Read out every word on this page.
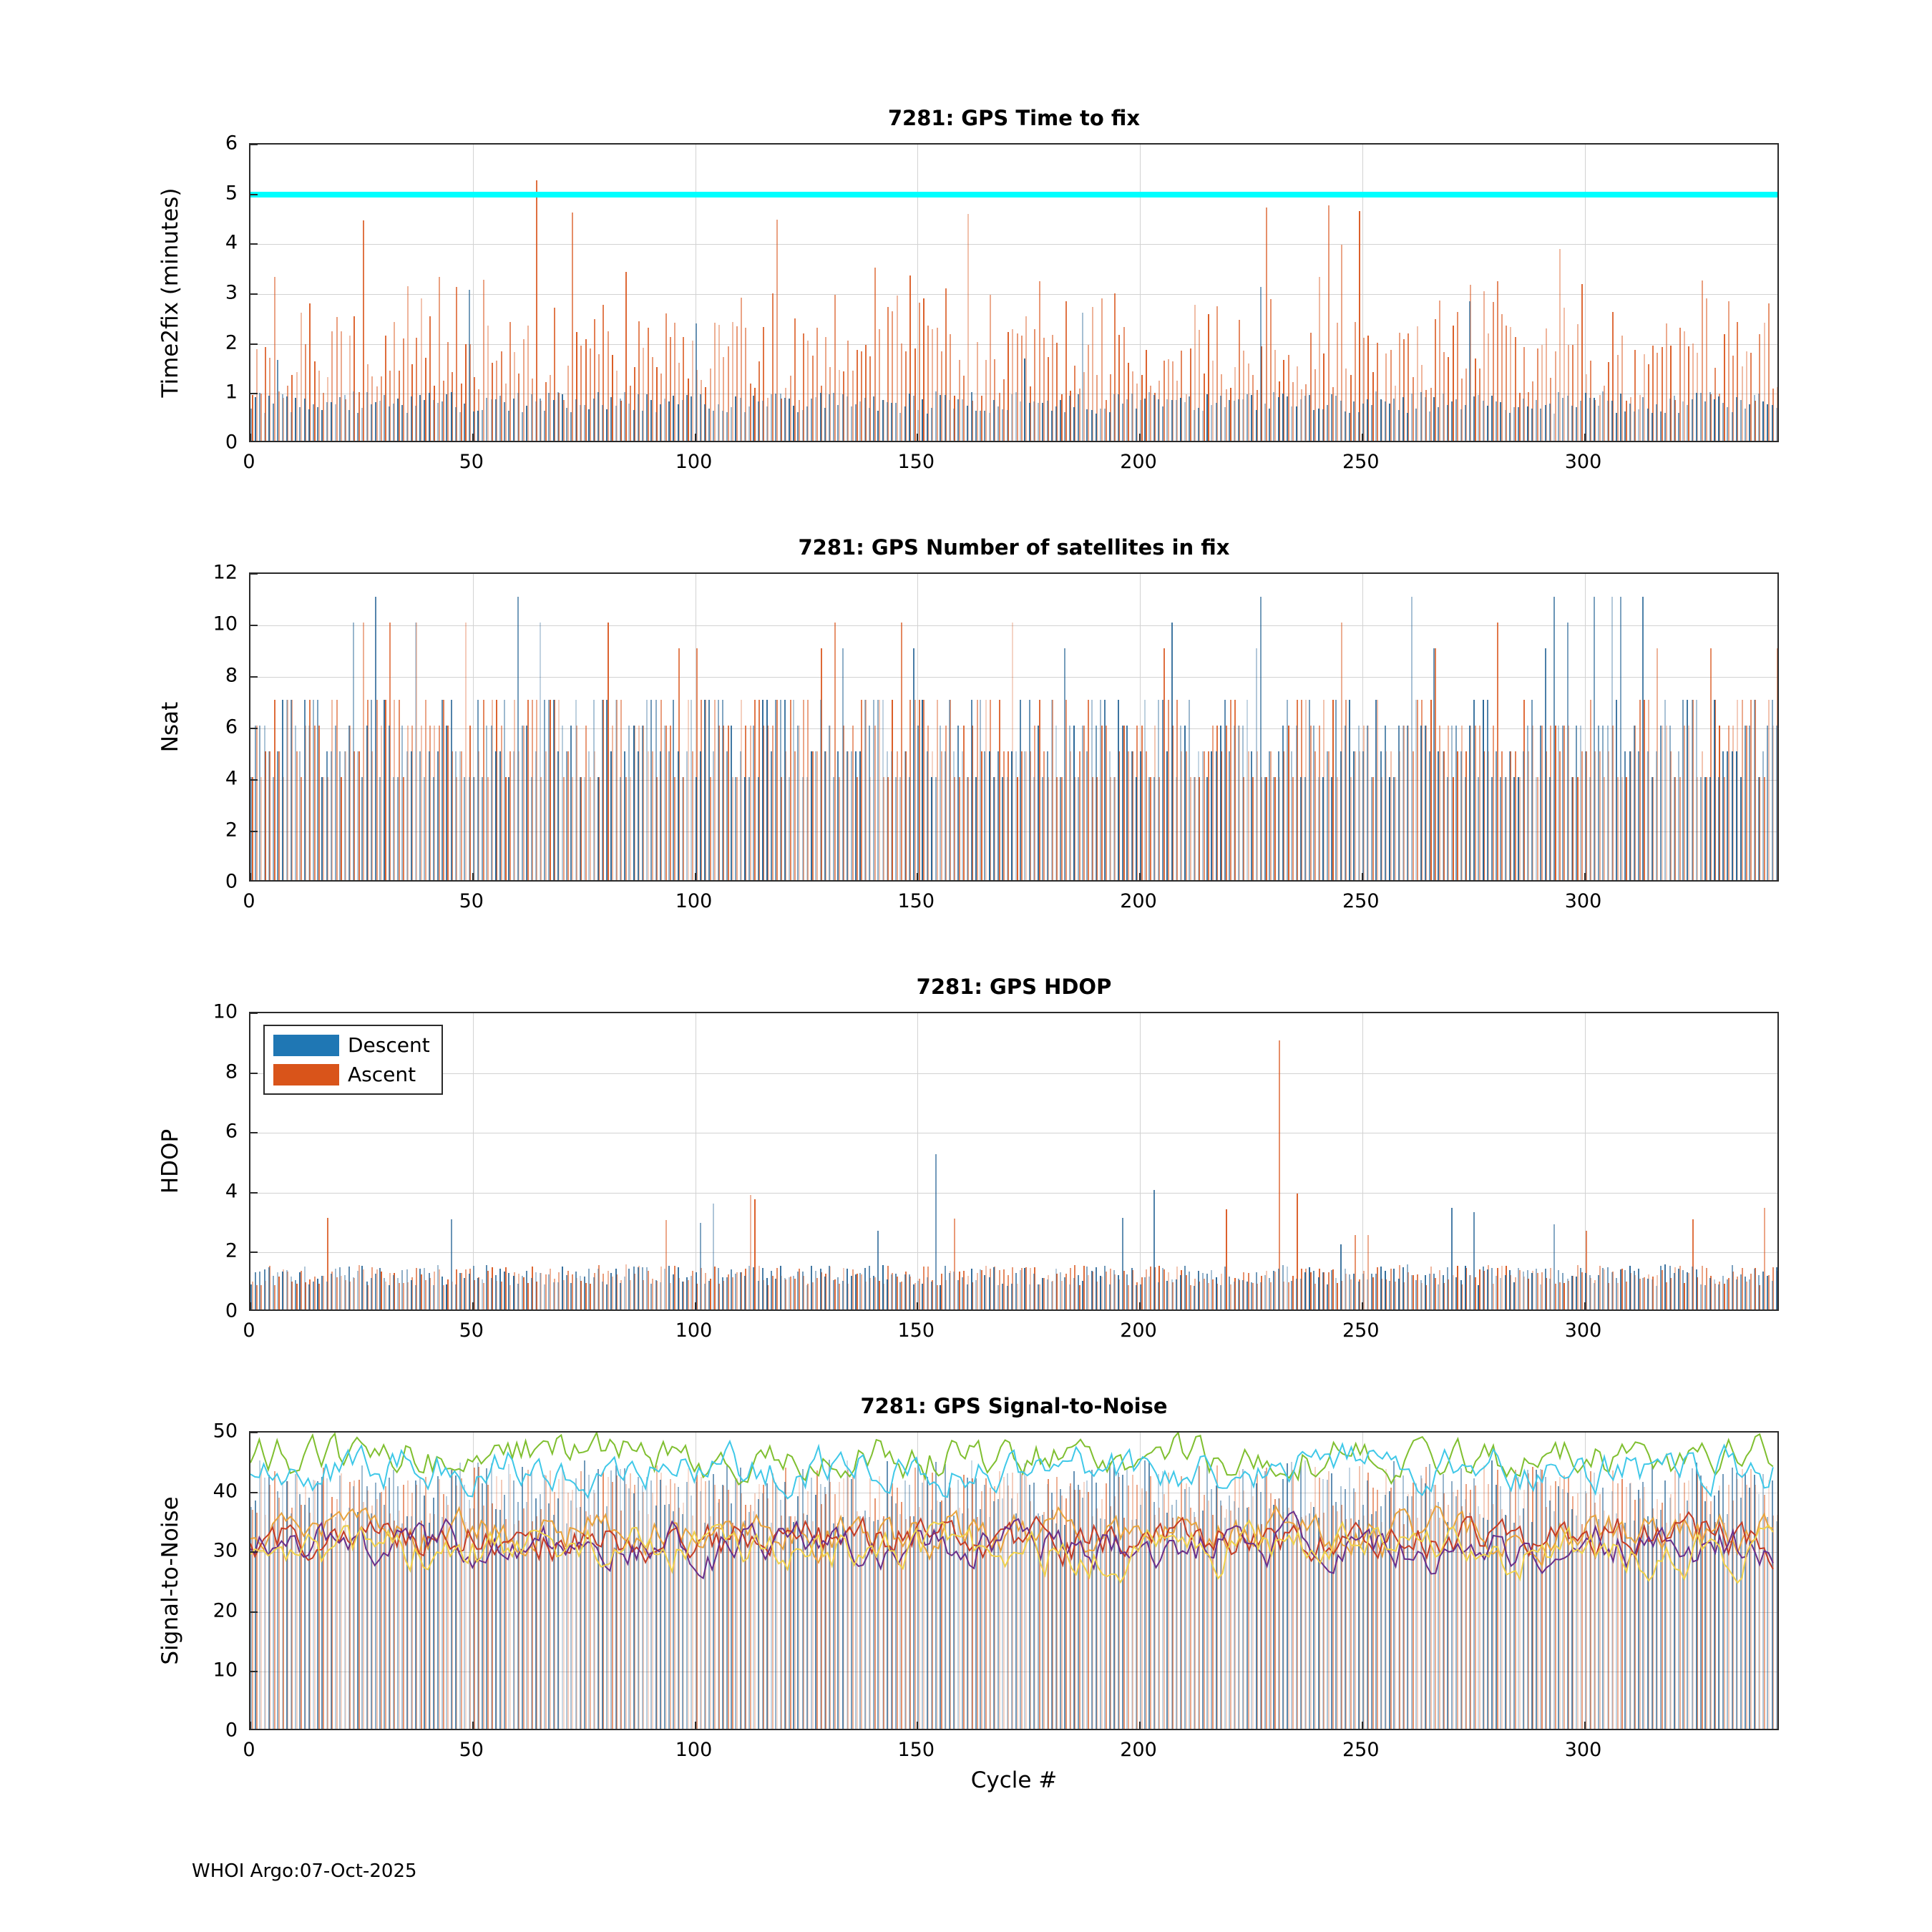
7281: GPS Time to fix
0	50	100	150	200	250	300
0
1
2
3
4
5
6
Time2fix (minutes)
7281: GPS Number of satellites in fix
0	50	100	150	200	250	300
0
2
4
6
8
10
12
Nsat
7281: GPS HDOP
Descent
Ascent
0	50	100	150	200	250	300
0
2
4
6
8
10
HDOP
7281: GPS Signal-to-Noise
Cycle #
0	50	100	150	200	250	300
0
10
20
30
40
50
Signal-to-Noise
WHOI Argo:07-Oct-2025
